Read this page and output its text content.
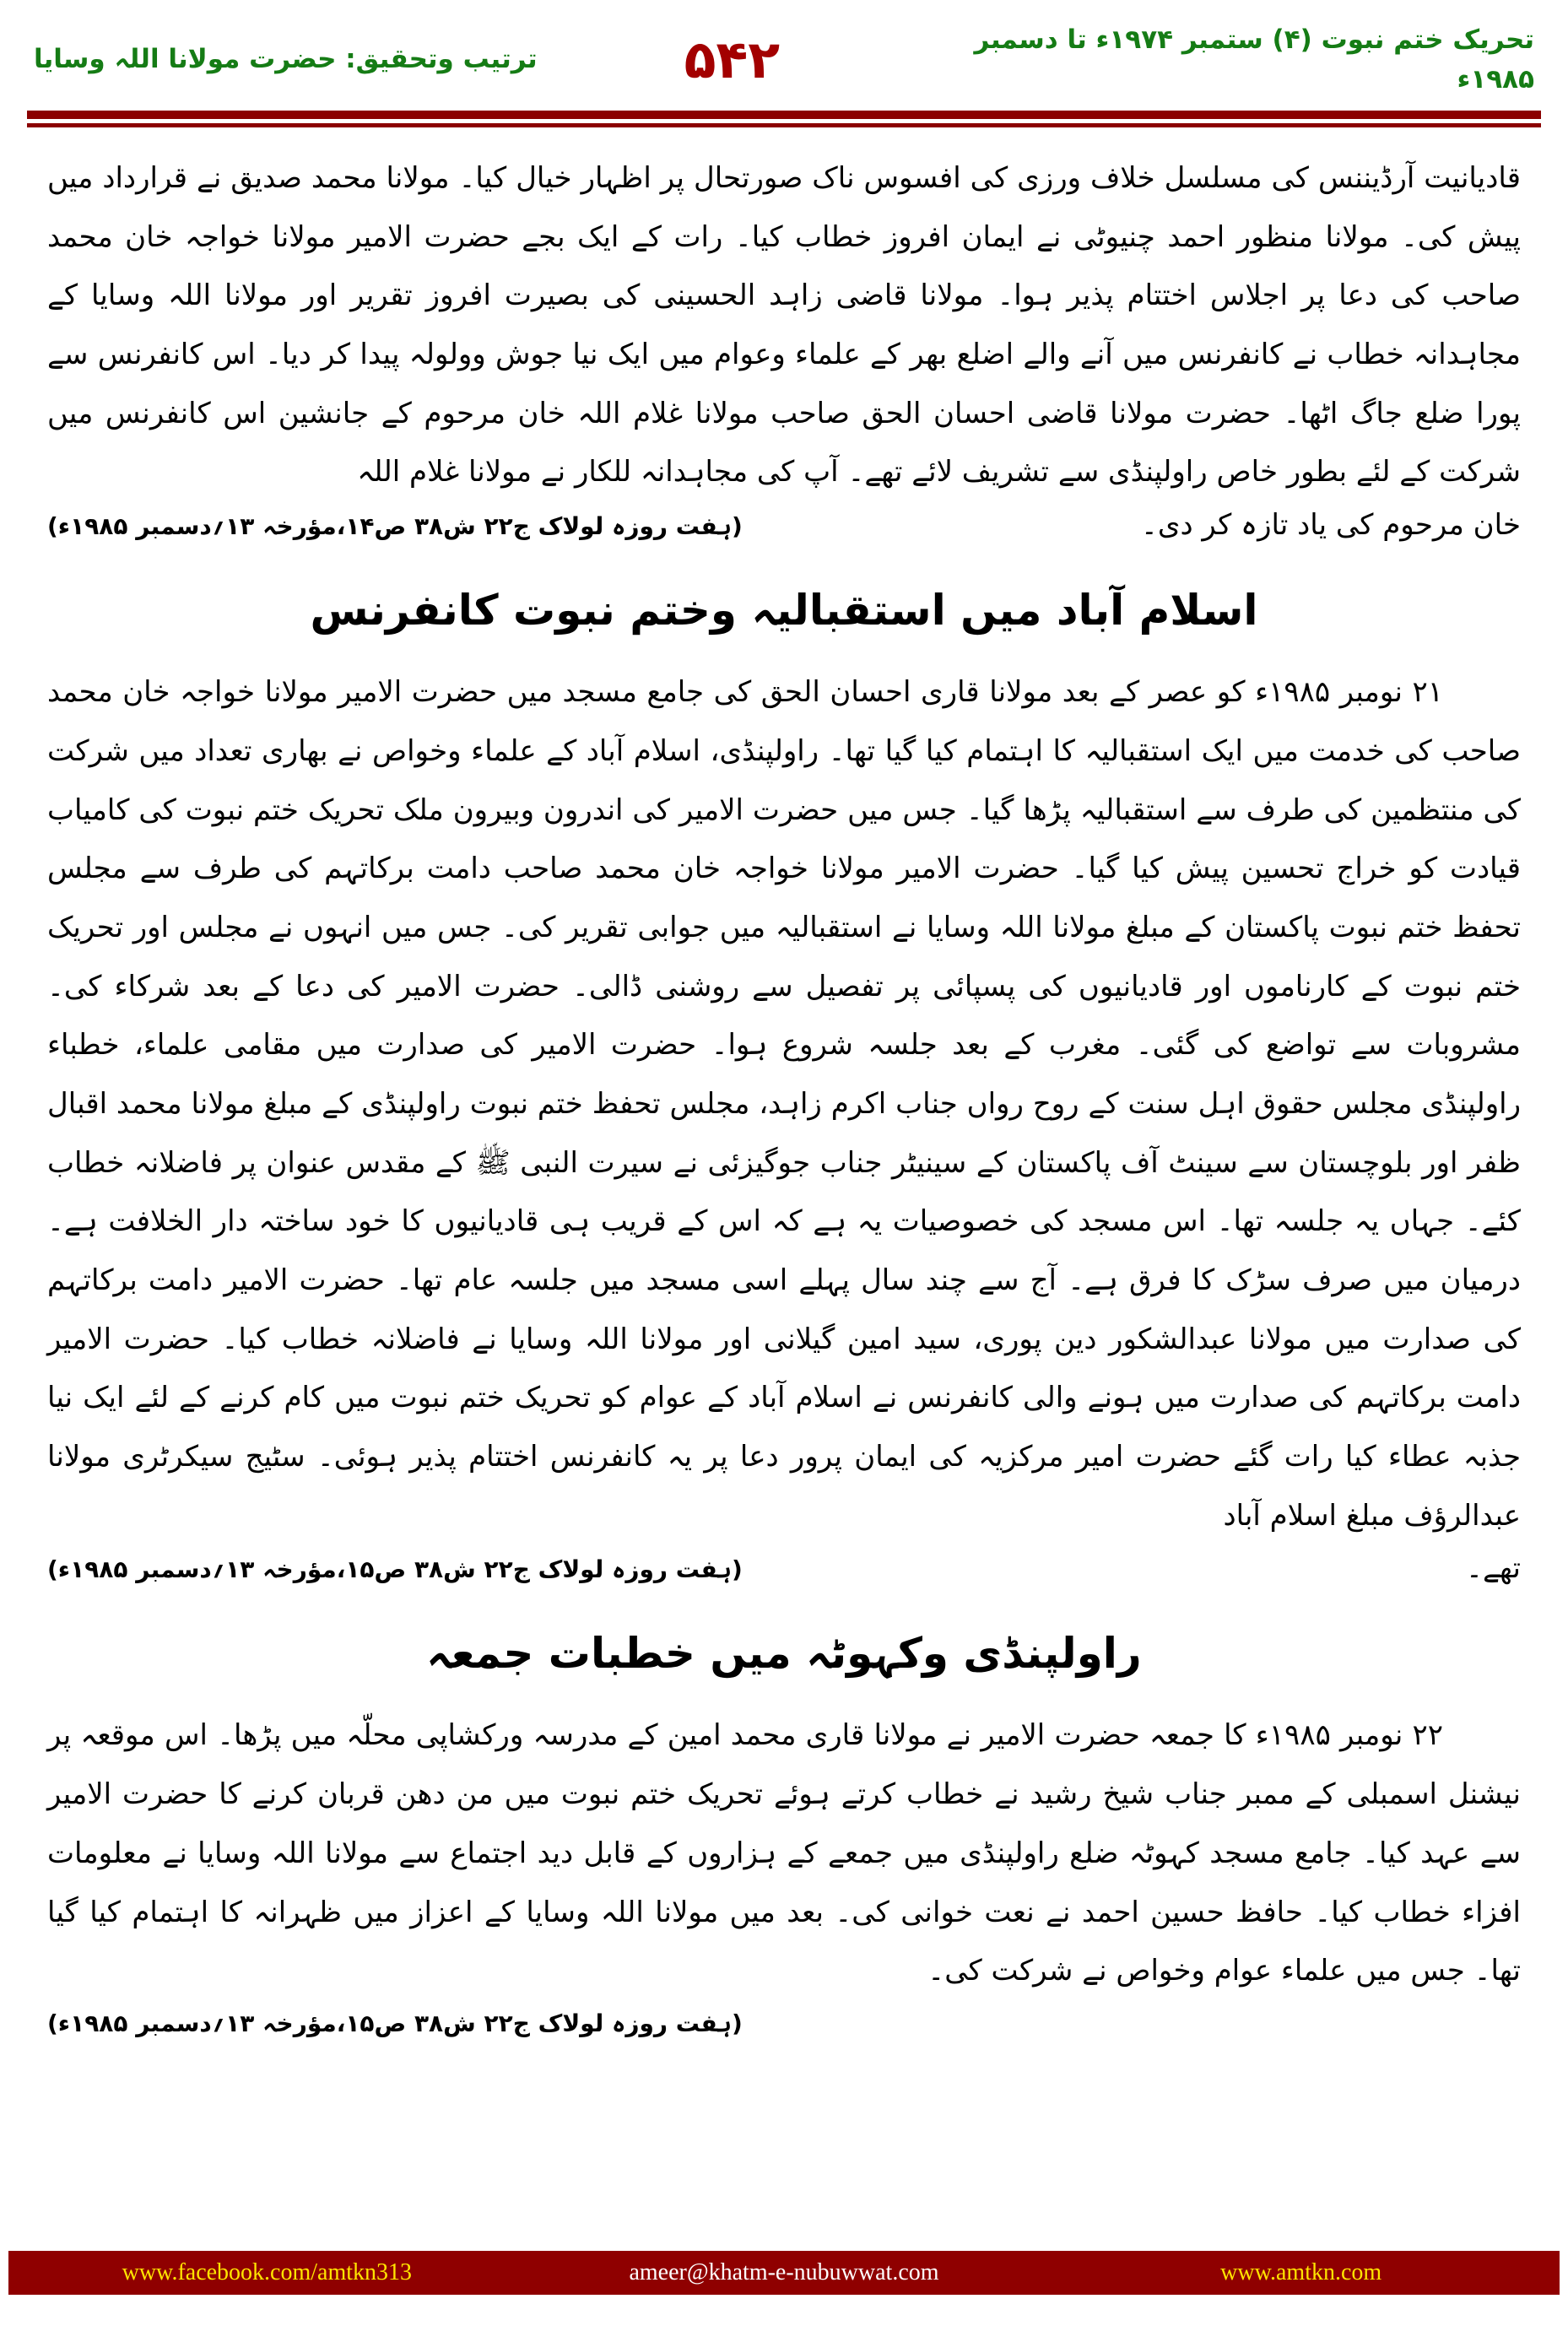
تحریک ختم نبوت (۴) ستمبر ۱۹۷۴ء تا دسمبر ۱۹۸۵ء
۵۴۲
ترتیب وتحقیق: حضرت مولانا اللہ وسایا

قادیانیت آرڈیننس کی مسلسل خلاف ورزی کی افسوس ناک صورتحال پر اظہار خیال کیا۔ مولانا محمد صدیق نے قرارداد میں پیش کی۔ مولانا منظور احمد چنیوٹی نے ایمان افروز خطاب کیا۔ رات کے ایک بجے حضرت الامیر مولانا خواجہ خان محمد صاحب کی دعا پر اجلاس اختتام پذیر ہوا۔ مولانا قاضی زاہد الحسینی کی بصیرت افروز تقریر اور مولانا اللہ وسایا کے مجاہدانہ خطاب نے کانفرنس میں آنے والے اضلع بھر کے علماء وعوام میں ایک نیا جوش وولولہ پیدا کر دیا۔ اس کانفرنس سے پورا ضلع جاگ اٹھا۔ حضرت مولانا قاضی احسان الحق صاحب مولانا غلام اللہ خان مرحوم کے جانشین اس کانفرنس میں شرکت کے لئے بطور خاص راولپنڈی سے تشریف لائے تھے۔ آپ کی مجاہدانہ للکار نے مولانا غلام اللہ

خان مرحوم کی یاد تازہ کر دی۔
(ہفت روزہ لولاک ج۲۲ ش۳۸ ص۱۴،مؤرخہ ۱۳؍دسمبر ۱۹۸۵ء)
اسلام آباد میں استقبالیہ وختم نبوت کانفرنس

۲۱ نومبر ۱۹۸۵ء کو عصر کے بعد مولانا قاری احسان الحق کی جامع مسجد میں حضرت الامیر مولانا خواجہ خان محمد صاحب کی خدمت میں ایک استقبالیہ کا اہتمام کیا گیا تھا۔ راولپنڈی، اسلام آباد کے علماء وخواص نے بھاری تعداد میں شرکت کی منتظمین کی طرف سے استقبالیہ پڑھا گیا۔ جس میں حضرت الامیر کی اندرون وبیرون ملک تحریک ختم نبوت کی کامیاب قیادت کو خراج تحسین پیش کیا گیا۔ حضرت الامیر مولانا خواجہ خان محمد صاحب دامت برکاتہم کی طرف سے مجلس تحفظ ختم نبوت پاکستان کے مبلغ مولانا اللہ وسایا نے استقبالیہ میں جوابی تقریر کی۔ جس میں انہوں نے مجلس اور تحریک ختم نبوت کے کارناموں اور قادیانیوں کی پسپائی پر تفصیل سے روشنی ڈالی۔ حضرت الامیر کی دعا کے بعد شرکاء کی۔ مشروبات سے تواضع کی گئی۔ مغرب کے بعد جلسہ شروع ہوا۔ حضرت الامیر کی صدارت میں مقامی علماء، خطباء راولپنڈی مجلس حقوق اہل سنت کے روح رواں جناب اکرم زاہد، مجلس تحفظ ختم نبوت راولپنڈی کے مبلغ مولانا محمد اقبال ظفر اور بلوچستان سے سینٹ آف پاکستان کے سینیٹر جناب جوگیزئی نے سیرت النبی ﷺ کے مقدس عنوان پر فاضلانہ خطاب کئے۔ جہاں یہ جلسہ تھا۔ اس مسجد کی خصوصیات یہ ہے کہ اس کے قریب ہی قادیانیوں کا خود ساختہ دار الخلافت ہے۔ درمیان میں صرف سڑک کا فرق ہے۔ آج سے چند سال پہلے اسی مسجد میں جلسہ عام تھا۔ حضرت الامیر دامت برکاتہم کی صدارت میں مولانا عبدالشکور دین پوری، سید امین گیلانی اور مولانا اللہ وسایا نے فاضلانہ خطاب کیا۔ حضرت الامیر دامت برکاتہم کی صدارت میں ہونے والی کانفرنس نے اسلام آباد کے عوام کو تحریک ختم نبوت میں کام کرنے کے لئے ایک نیا جذبہ عطاء کیا رات گئے حضرت امیر مرکزیہ کی ایمان پرور دعا پر یہ کانفرنس اختتام پذیر ہوئی۔ سٹیج سیکرٹری مولانا عبدالرؤف مبلغ اسلام آباد

تھے۔
(ہفت روزہ لولاک ج۲۲ ش۳۸ ص۱۵،مؤرخہ ۱۳؍دسمبر ۱۹۸۵ء)
راولپنڈی وکہوٹہ میں خطبات جمعہ

۲۲ نومبر ۱۹۸۵ء کا جمعہ حضرت الامیر نے مولانا قاری محمد امین کے مدرسہ ورکشاپی محلّہ میں پڑھا۔ اس موقعہ پر نیشنل اسمبلی کے ممبر جناب شیخ رشید نے خطاب کرتے ہوئے تحریک ختم نبوت میں من دھن قربان کرنے کا حضرت الامیر سے عہد کیا۔ جامع مسجد کہوٹہ ضلع راولپنڈی میں جمعے کے ہزاروں کے قابل دید اجتماع سے مولانا اللہ وسایا نے معلومات افزاء خطاب کیا۔ حافظ حسین احمد نے نعت خوانی کی۔ بعد میں مولانا اللہ وسایا کے اعزاز میں ظہرانہ کا اہتمام کیا گیا تھا۔ جس میں علماء عوام وخواص نے شرکت کی۔

(ہفت روزہ لولاک ج۲۲ ش۳۸ ص۱۵،مؤرخہ ۱۳؍دسمبر ۱۹۸۵ء)
www.amtkn.com
ameer@khatm-e-nubuwwat.com
www.facebook.com/amtkn313
